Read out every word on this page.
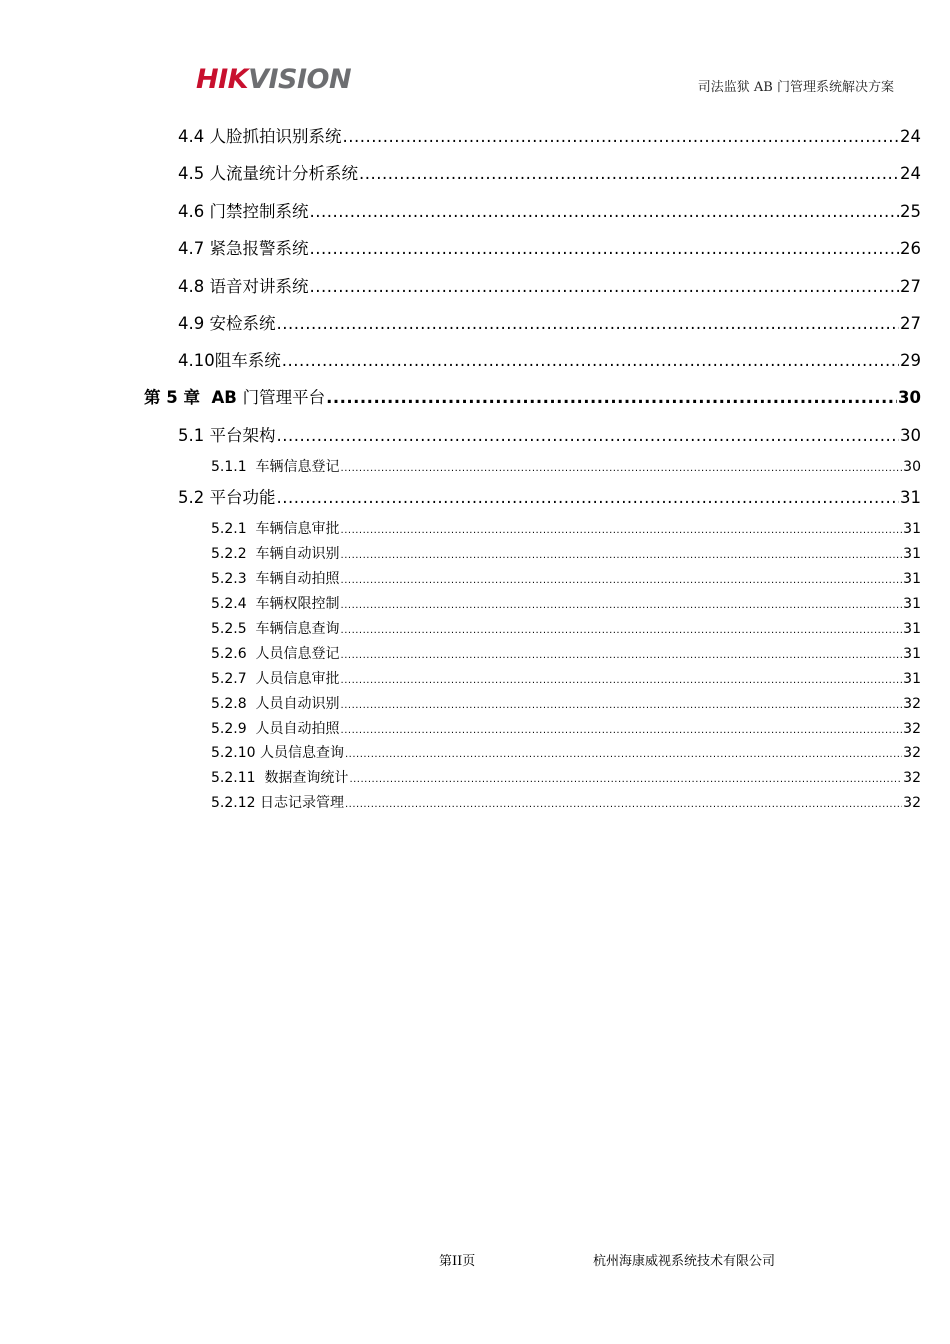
HIKVISION	司法监狱 AB 门管理系统解决方案
4.4 人脸抓拍识别系统 .....	24
4.5 人流量统计分析系统 .....	24
4.6 门禁控制系统 .....	25
4.7 紧急报警系统 .....	26
4.8 语音对讲系统 .....	27
4.9 安检系统 .....	27
4.10 阻车系统 .....	29
第 5 章  AB 门管理平台 .....	30
5.1 平台架构 .....	30
5.1.1 车辆信息登记 .....	30
5.2 平台功能 .....	31
5.2.1 车辆信息审批 .....	31
5.2.2 车辆自动识别 .....	31
5.2.3 车辆自动拍照 .....	31
5.2.4 车辆权限控制 .....	31
5.2.5 车辆信息查询 .....	31
5.2.6 人员信息登记 .....	31
5.2.7 人员信息审批 .....	31
5.2.8 人员自动识别 .....	32
5.2.9 人员自动拍照 .....	32
5.2.10 人员信息查询 .....	32
5.2.11 数据查询统计 .....	32
5.2.12 日志记录管理 .....	32
第II页	杭州海康威视系统技术有限公司
